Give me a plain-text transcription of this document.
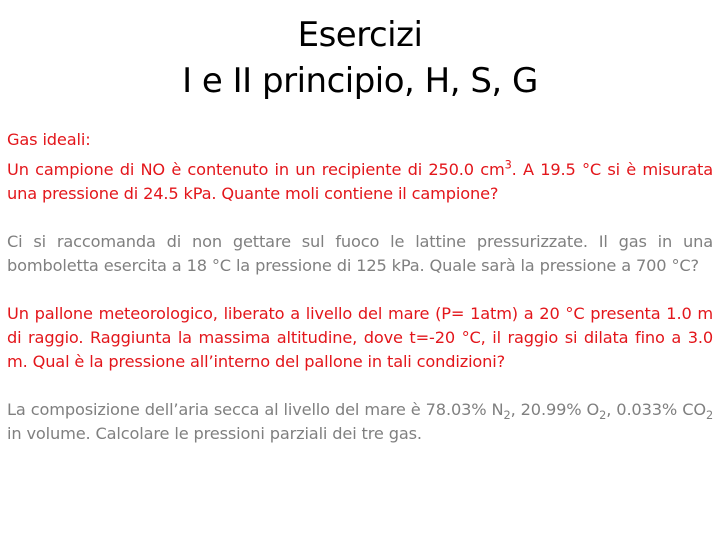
Esercizi
I e II principio, H, S, G

Gas ideali:

Un campione di NO è contenuto in un recipiente di 250.0 $cm^3$. A 19.5 °C si è misurata una pressione di 24.5 kPa. Quante moli contiene il campione?

Ci si raccomanda di non gettare sul fuoco le lattine pressurizzate. Il gas in una bomboletta esercita a 18 °C la pressione di 125 kPa. Quale sarà la pressione a 700 °C?

Un pallone meteorologico, liberato a livello del mare (P= 1atm) a 20 °C presenta 1.0 m di raggio. Raggiunta la massima altitudine, dove t=-20 °C, il raggio si dilata fino a 3.0 m. Qual è la pressione all’interno del pallone in tali condizioni?

La composizione dell’aria secca al livello del mare è 78.03% $N_2$, 20.99% $O_2$, 0.033% $CO_2$ in volume. Calcolare le pressioni parziali dei tre gas.
